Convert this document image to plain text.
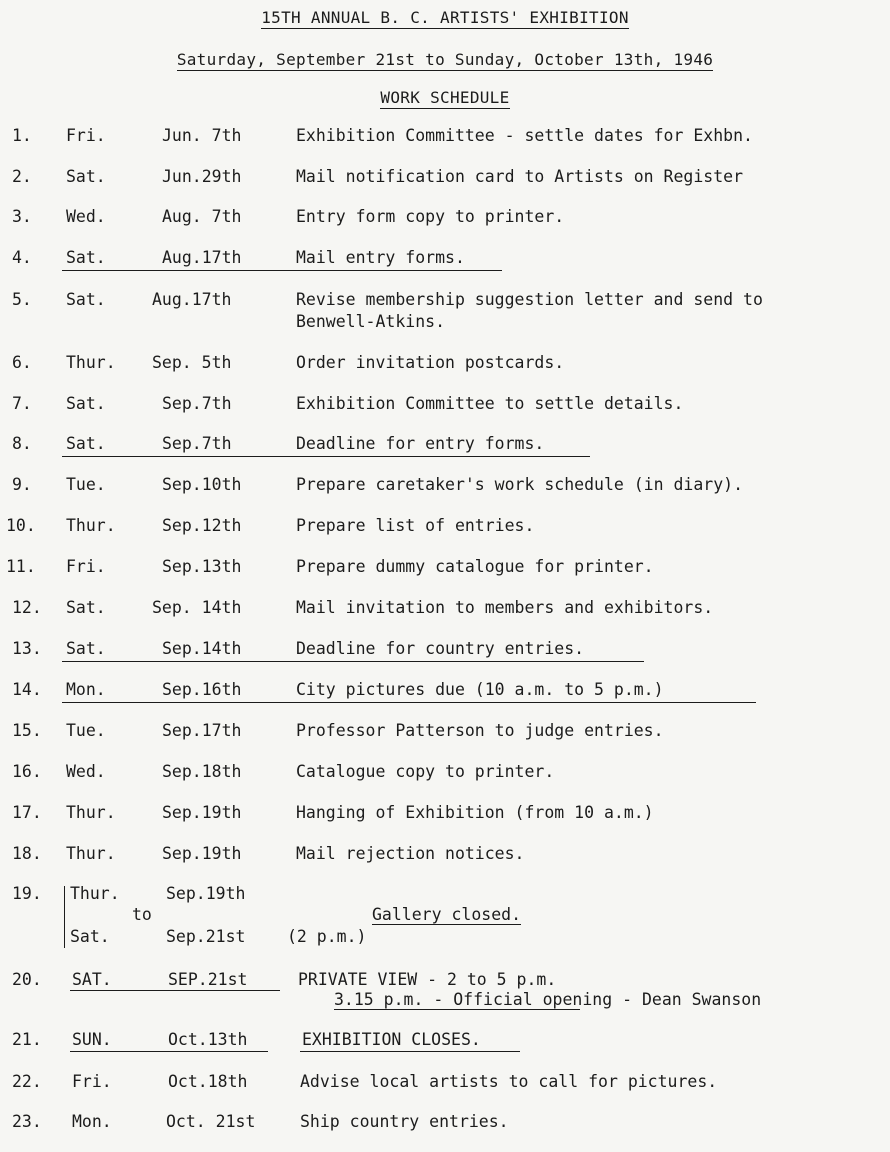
15TH ANNUAL B. C. ARTISTS' EXHIBITION
Saturday, September 21st to Sunday, October 13th, 1946
WORK SCHEDULE
1. Fri.	Jun. 7th	Exhibition Committee - settle dates for Exhbn.
2. Sat.	Jun.29th	Mail notification card to Artists on Register
3. Wed.	Aug. 7th	Entry form copy to printer.
4. Sat.	Aug.17th	Mail entry forms.
5. Sat.	Aug.17th	Revise membership suggestion letter and send to
Benwell-Atkins.
6. Thur. Sep. 5th	Order invitation postcards.
7. Sat.	Sep.7th	Exhibition Committee to settle details.
8. Sat.	Sep.7th	Deadline for entry forms.
9. Tue.	Sep.10th	Prepare caretaker's work schedule (in diary).
10. Thur.	Sep.12th	Prepare list of entries.
11. Fri.	Sep.13th	Prepare dummy catalogue for printer.
12. Sat.	Sep. 14th	Mail invitation to members and exhibitors.
13. Sat.	Sep.14th	Deadline for country entries.
14. Mon.	Sep.16th	City pictures due (10 a.m. to 5 p.m.)
15. Tue.	Sep.17th	Professor Patterson to judge entries.
16. Wed.	Sep.18th	Catalogue copy to printer.
17. Thur.	Sep.19th	Hanging of Exhibition (from 10 a.m.)
18. Thur.	Sep.19th	Mail rejection notices.
19. Thur.	Sep.19th
to
Sat.	Sep.21st	(2 p.m.)
Gallery closed.
20. SAT.	SEP.21st	PRIVATE VIEW - 2 to 5 p.m.
3.15 p.m. - Official opening - Dean Swanson
21. SUN.	Oct.13th	EXHIBITION CLOSES.
22. Fri.	Oct.18th	Advise local artists to call for pictures.
23. Mon.	Oct. 21st	Ship country entries.
